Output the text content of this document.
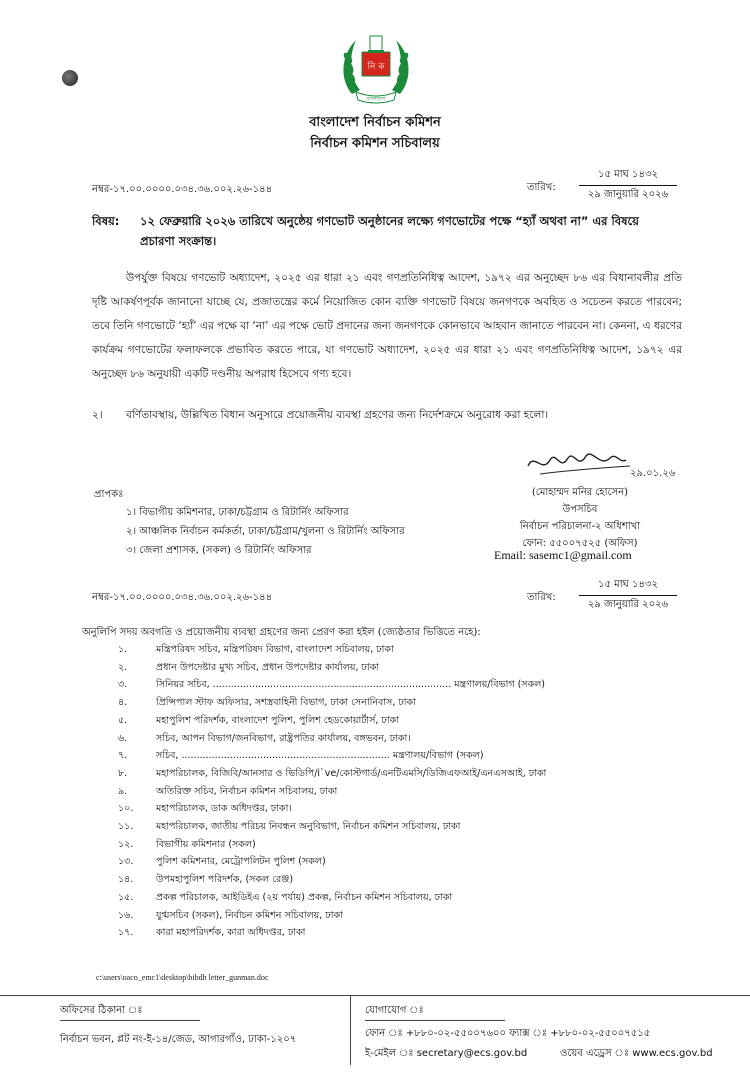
নি ক
বাংলাদেশ
বাংলাদেশ নির্বাচন কমিশন
নির্বাচন কমিশন সচিবালয়
নম্বর-১৭.০০.০০০০.০৩৪.৩৬.০০২.২৬-১৪৪	তারিখ:
১৫ মাঘ ১৪৩২
২৯ জানুয়ারি ২০২৬
বিষয়: ১২ ফেব্রুয়ারি ২০২৬ তারিখে অনুষ্ঠেয় গণভোট অনুষ্ঠানের লক্ষ্যে গণভোটের পক্ষে “হ্যাঁ অথবা না” এর বিষয়ে
প্রচারণা সংক্রান্ত।
উপর্যুক্ত বিষয়ে গণভোট অধ্যাদেশ, ২০২৫ এর ধারা ২১ এবং গণপ্রতিনিধিত্ব আদেশ, ১৯৭২ এর অনুচ্ছেদ ৮৬ এর বিধানাবলীর প্রতি দৃষ্টি আকর্ষণপূর্বক জানানো যাচ্ছে যে, প্রজাতন্ত্রের কর্মে নিয়োজিত কোন ব্যক্তি গণভোট বিষয়ে জনগণকে অবহিত ও সচেতন করতে পারবেন; তবে তিনি গণভোটে ‘হ্যাঁ’ এর পক্ষে বা ‘না’ এর পক্ষে ভোট প্রদানের জন্য জনগণকে কোনভাবে আহবান জানাতে পারবেন না। কেননা, এ ধরণের কার্যক্রম গণভোটের ফলাফলকে প্রভাবিত করতে পারে, যা গণভোট অধ্যাদেশ, ২০২৫ এর ধারা ২১ এবং গণপ্রতিনিধিত্ব আদেশ, ১৯৭২ এর অনুচ্ছেদ ৮৬ অনুযায়ী একটি দণ্ডনীয় অপরাধ হিসেবে গণ্য হবে।
২। বর্ণিতাবস্থায়, উল্লিখিত বিধান অনুসারে প্রয়োজনীয় ব্যবস্থা গ্রহণের জন্য নির্দেশক্রমে অনুরোধ করা হলো।
২৯.০১.২৬
(মোহাম্মদ মনির হোসেন)
উপসচিব
নির্বাচন পরিচালনা-২ অধিশাখা
ফোন: ৫৫০০৭৫২৫ (অফিস)
Email: sasemc1@gmail.com
প্রাপকঃ
১। বিভাগীয় কমিশনার, ঢাকা/চট্টগ্রাম ও রিটার্নিং অফিসার
২। আঞ্চলিক নির্বাচন কর্মকর্তা, ঢাকা/চট্টগ্রাম/খুলনা ও রিটার্নিং অফিসার
৩। জেলা প্রশাসক, (সকল) ও রিটার্নিং অফিসার
নম্বর-১৭.০০.০০০০.০৩৪.৩৬.০০২.২৬-১৪৪	তারিখ:
১৫ মাঘ ১৪৩২
২৯ জানুয়ারি ২০২৬
অনুলিপি সদয় অবগতি ও প্রয়োজনীয় ব্যবস্থা গ্রহণের জন্য প্রেরণ করা হইল (জ্যেষ্ঠতার ভিত্তিতে নহে):
১.	মন্ত্রিপরিষদ সচিব, মন্ত্রিপরিষদ বিভাগ, বাংলাদেশ সচিবালয়, ঢাকা
২.	প্রধান উপদেষ্টার মুখ্য সচিব, প্রধান উপদেষ্টার কার্যালয়, ঢাকা
৩.	সিনিয়র সচিব, ............................................................................... মন্ত্রণালয়/বিভাগ (সকল)
৪.	প্রিন্সিপাল স্টাফ অফিসার, সশস্ত্রবাহিনী বিভাগ, ঢাকা সেনানিবাস, ঢাকা
৫.	মহাপুলিশ পরিদর্শক, বাংলাদেশ পুলিশ, পুলিশ হেডকোয়ার্টার্স, ঢাকা
৬.	সচিব, আপন বিভাগ/জনবিভাগ, রাষ্ট্রপতির কার্যালয়, বঙ্গভবন, ঢাকা।
৭.	সচিব, ..................................................................... মন্ত্রণালয়/বিভাগ (সকল)
৮.	মহাপরিচালক, বিজিবি/আনসার ও ভিডিপি/i`ve/কোস্টগার্ড/এনটিএমসি/ডিজিএফআই/এনএসআই, ঢাকা
৯.	অতিরিক্ত সচিব, নির্বাচন কমিশন সচিবালয়, ঢাকা
১০.	মহাপরিচালক, ডাক অধিদপ্তর, ঢাকা।
১১.	মহাপরিচালক, জাতীয় পরিচয় নিবন্ধন অনুবিভাগ, নির্বাচন কমিশন সচিবালয়, ঢাকা
১২.	বিভাগীয় কমিশনার (সকল)
১৩.	পুলিশ কমিশনার, মেট্রোপলিটন পুলিশ (সকল)
১৪.	উপমহাপুলিশ পরিদর্শক, (সকল রেঞ্জ)
১৫.	প্রকল্প পরিচালক, আইডিইএ (২য় পর্যায়) প্রকল্প, নির্বাচন কমিশন সচিবালয়, ঢাকা
১৬.	যুগ্মসচিব (সকল), নির্বাচন কমিশন সচিবালয়, ঢাকা
১৭.	কারা মহাপরিদর্শক, কারা অধিদপ্তর, ঢাকা
c:\users\oaco_emc1\desktop\bibdh letter_gunman.doc
অফিসের ঠিকানা ঃ
নির্বাচন ভবন, প্লট নং-ই-১৪/জেড, আগারগাঁও, ঢাকা-১২০৭
যোগাযোগ ঃ
ফোন ঃ +৮৮০-০২-৫৫০০৭৬০০ ফ্যাক্স ঃ +৮৮০-০২-৫৫০০৭৫১৫
ই-মেইল ঃ secretary@ecs.gov.bd	ওয়েব এড্রেস ঃ www.ecs.gov.bd
